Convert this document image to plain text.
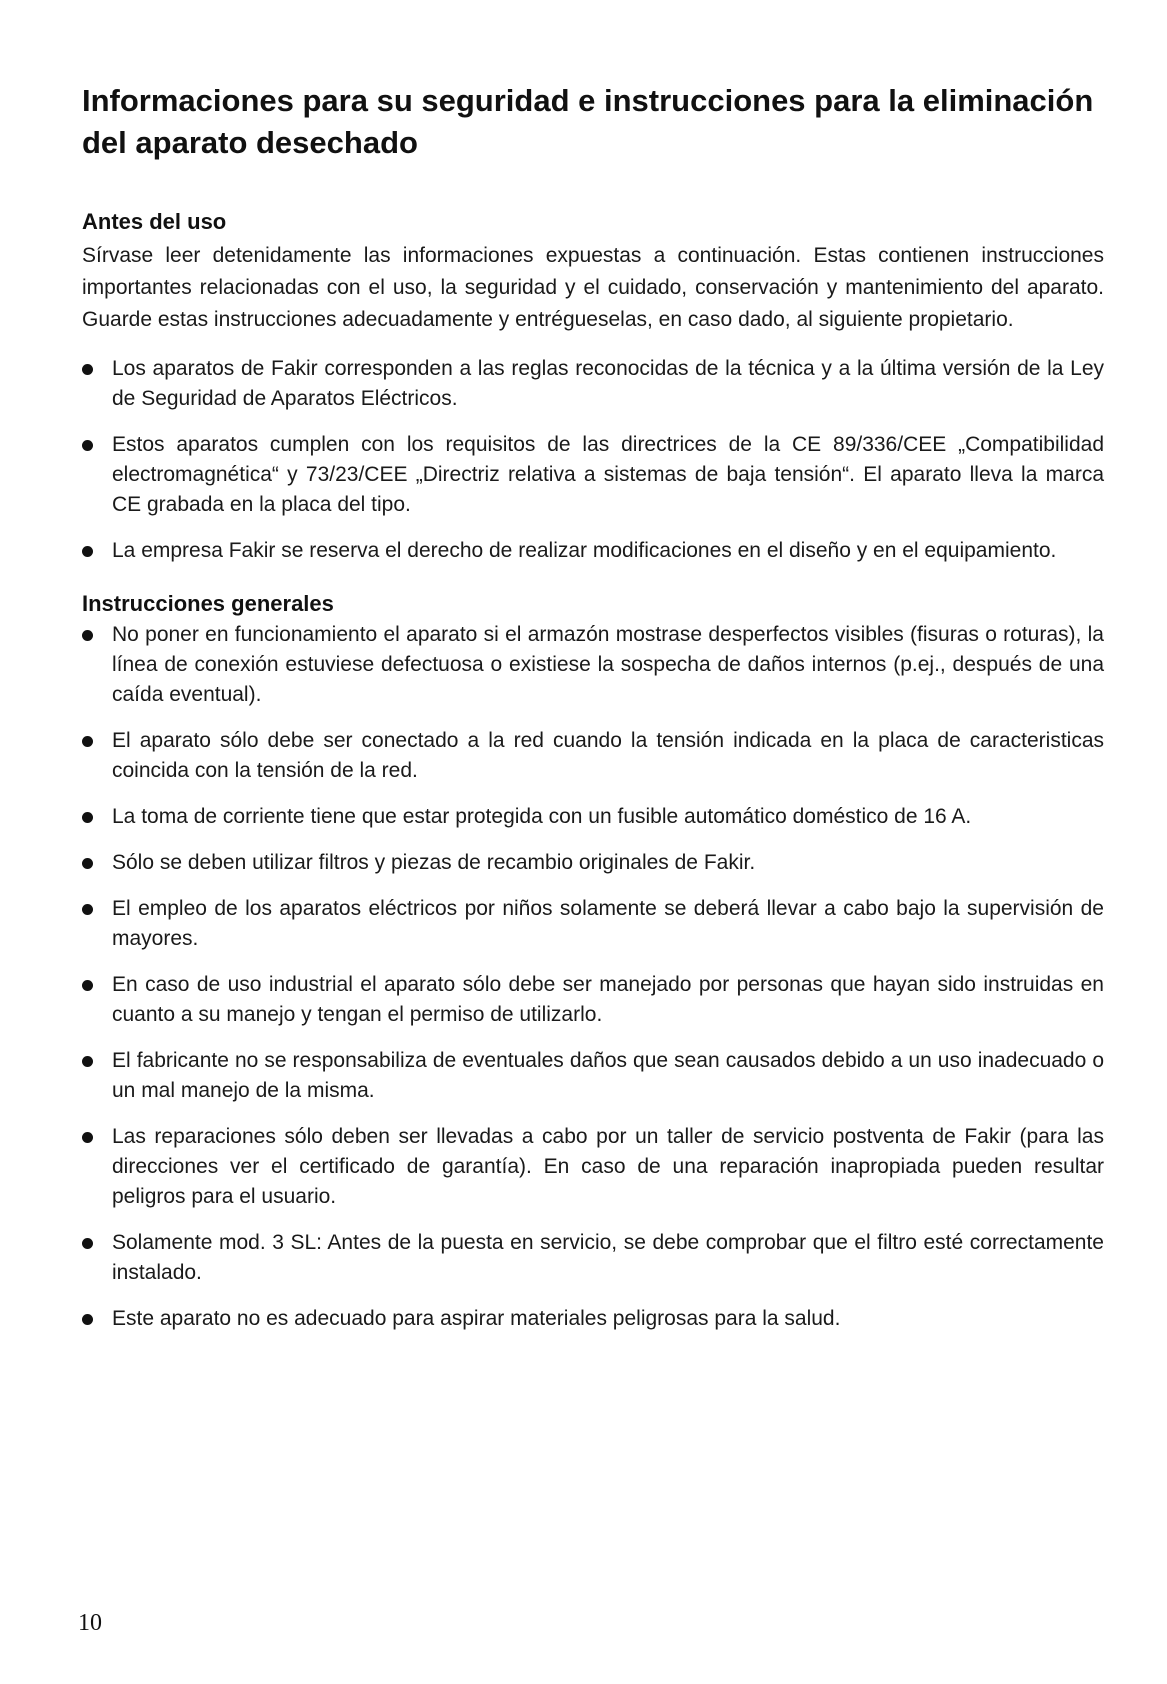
Informaciones para su seguridad e instrucciones para la eliminación del aparato desechado
Antes del uso

Sírvase leer detenidamente las informaciones expuestas a continuación. Estas contienen instrucciones importantes relacionadas con el uso, la seguridad y el cuidado, conservación y mantenimiento del aparato. Guarde estas instrucciones adecuadamente y entrégueselas, en caso dado, al siguiente propietario.

Los aparatos de Fakir corresponden a las reglas reconocidas de la técnica y a la última versión de la Ley de Seguridad de Aparatos Eléctricos.
Estos aparatos cumplen con los requisitos de las directrices de la CE 89/336/CEE „Compatibilidad electromagnética“ y 73/23/CEE „Directriz relativa a sistemas de baja tensión“. El aparato lleva la marca CE grabada en la placa del tipo.
La empresa Fakir se reserva el derecho de realizar modificaciones en el diseño y en el equipamiento.
Instrucciones generales
No poner en funcionamiento el aparato si el armazón mostrase desperfectos visibles (fisuras o roturas), la línea de conexión estuviese defectuosa o existiese la sospecha de daños internos (p.ej., después de una caída eventual).
El aparato sólo debe ser conectado a la red cuando la tensión indicada en la placa de caracteristicas coincida con la tensión de la red.
La toma de corriente tiene que estar protegida con un fusible automático doméstico de 16 A.
Sólo se deben utilizar filtros y piezas de recambio originales de Fakir.
El empleo de los aparatos eléctricos por niños solamente se deberá llevar a cabo bajo la supervisión de mayores.
En caso de uso industrial el aparato sólo debe ser manejado por personas que hayan sido instruidas en cuanto a su manejo y tengan el permiso de utilizarlo.
El fabricante no se responsabiliza de eventuales daños que sean causados debido a un uso inadecuado o un mal manejo de la misma.
Las reparaciones sólo deben ser llevadas a cabo por un taller de servicio postventa de Fakir (para las direcciones ver el certificado de garantía). En caso de una reparación inapropiada pueden resultar peligros para el usuario.
Solamente mod. 3 SL: Antes de la puesta en servicio, se debe comprobar que el filtro esté correctamente instalado.
Este aparato no es adecuado para aspirar materiales peligrosas para la salud.
10
